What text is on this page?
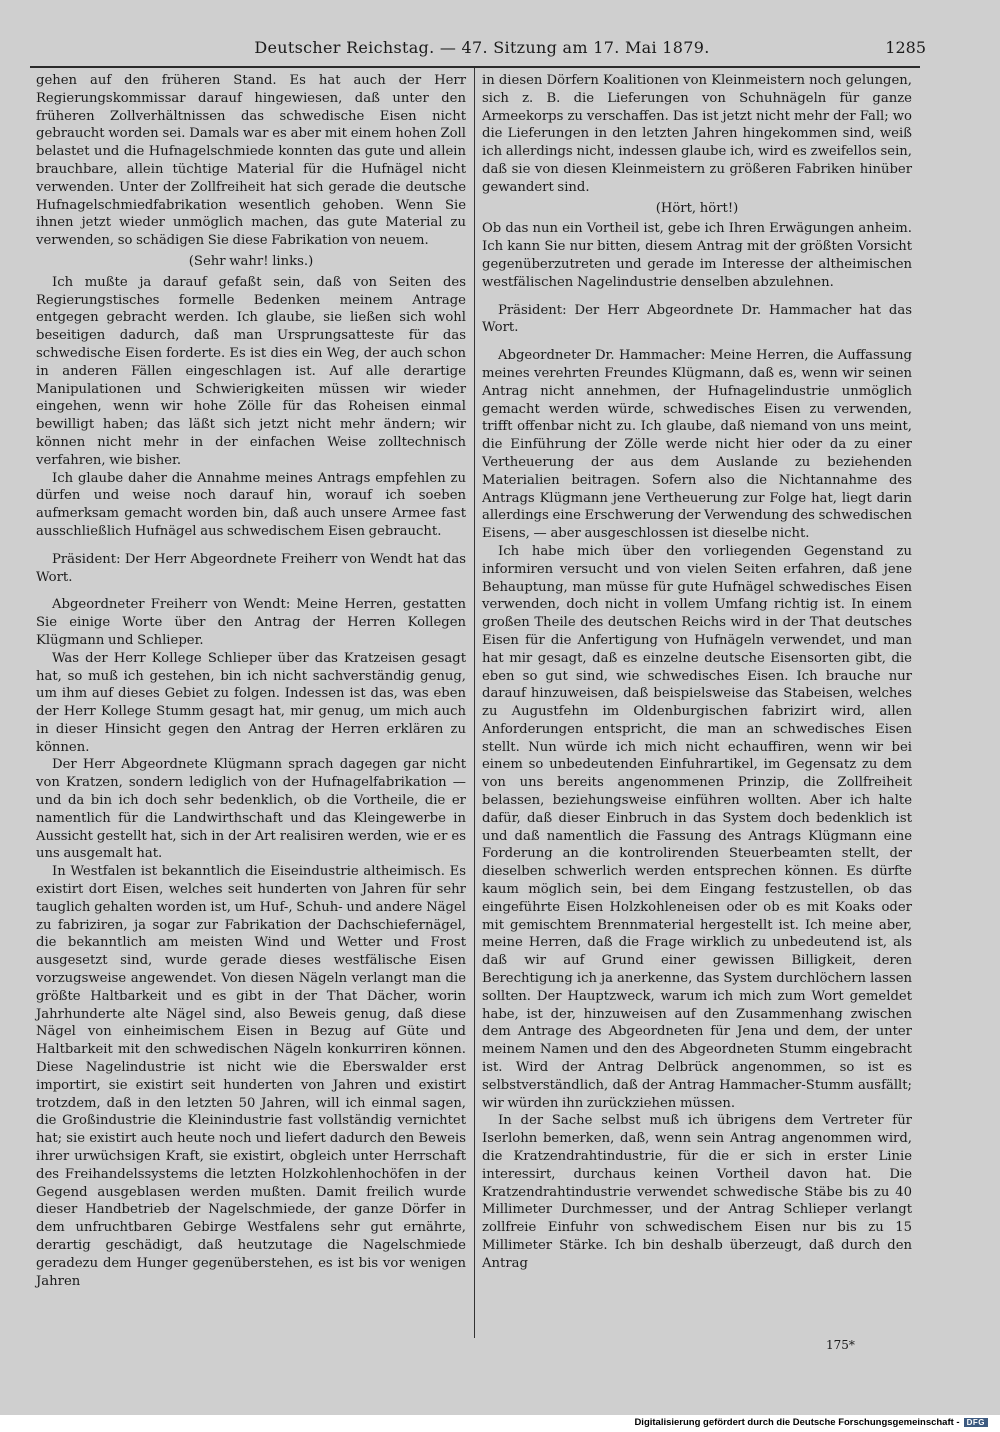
Deutscher Reichstag. — 47. Sitzung am 17. Mai 1879.	1285

gehen auf den früheren Stand. Es hat auch der Herr Regierungskommissar darauf hingewiesen, daß unter den früheren Zollverhältnissen das schwedische Eisen nicht gebraucht worden sei. Damals war es aber mit einem hohen Zoll belastet und die Hufnagelschmiede konnten das gute und allein brauchbare, allein tüchtige Material für die Hufnägel nicht verwenden. Unter der Zollfreiheit hat sich gerade die deutsche Hufnagelschmiedfabrikation wesentlich gehoben. Wenn Sie ihnen jetzt wieder unmöglich machen, das gute Material zu verwenden, so schädigen Sie diese Fabrikation von neuem.

(Sehr wahr! links.)

Ich mußte ja darauf gefaßt sein, daß von Seiten des Regierungstisches formelle Bedenken meinem Antrage entgegen gebracht werden. Ich glaube, sie ließen sich wohl beseitigen dadurch, daß man Ursprungsatteste für das schwedische Eisen forderte. Es ist dies ein Weg, der auch schon in anderen Fällen eingeschlagen ist. Auf alle derartige Manipulationen und Schwierigkeiten müssen wir wieder eingehen, wenn wir hohe Zölle für das Roheisen einmal bewilligt haben; das läßt sich jetzt nicht mehr ändern; wir können nicht mehr in der einfachen Weise zolltechnisch verfahren, wie bisher.

Ich glaube daher die Annahme meines Antrags empfehlen zu dürfen und weise noch darauf hin, worauf ich soeben aufmerksam gemacht worden bin, daß auch unsere Armee fast ausschließlich Hufnägel aus schwedischem Eisen gebraucht.

Präsident: Der Herr Abgeordnete Freiherr von Wendt hat das Wort.

Abgeordneter Freiherr von Wendt: Meine Herren, gestatten Sie einige Worte über den Antrag der Herren Kollegen Klügmann und Schlieper.

Was der Herr Kollege Schlieper über das Kratzeisen gesagt hat, so muß ich gestehen, bin ich nicht sachverständig genug, um ihm auf dieses Gebiet zu folgen. Indessen ist das, was eben der Herr Kollege Stumm gesagt hat, mir genug, um mich auch in dieser Hinsicht gegen den Antrag der Herren erklären zu können.

Der Herr Abgeordnete Klügmann sprach dagegen gar nicht von Kratzen, sondern lediglich von der Hufnagelfabrikation — und da bin ich doch sehr bedenklich, ob die Vortheile, die er namentlich für die Landwirthschaft und das Kleingewerbe in Aussicht gestellt hat, sich in der Art realisiren werden, wie er es uns ausgemalt hat.

In Westfalen ist bekanntlich die Eiseindustrie altheimisch. Es existirt dort Eisen, welches seit hunderten von Jahren für sehr tauglich gehalten worden ist, um Huf-, Schuh- und andere Nägel zu fabriziren, ja sogar zur Fabrikation der Dachschiefernägel, die bekanntlich am meisten Wind und Wetter und Frost ausgesetzt sind, wurde gerade dieses westfälische Eisen vorzugsweise angewendet. Von diesen Nägeln verlangt man die größte Haltbarkeit und es gibt in der That Dächer, worin Jahrhunderte alte Nägel sind, also Beweis genug, daß diese Nägel von einheimischem Eisen in Bezug auf Güte und Haltbarkeit mit den schwedischen Nägeln konkurriren können. Diese Nagelindustrie ist nicht wie die Eberswalder erst importirt, sie existirt seit hunderten von Jahren und existirt trotzdem, daß in den letzten 50 Jahren, will ich einmal sagen, die Großindustrie die Kleinindustrie fast vollständig vernichtet hat; sie existirt auch heute noch und liefert dadurch den Beweis ihrer urwüchsigen Kraft, sie existirt, obgleich unter Herrschaft des Freihandelssystems die letzten Holzkohlenhochöfen in der Gegend ausgeblasen werden mußten. Damit freilich wurde dieser Handbetrieb der Nagelschmiede, der ganze Dörfer in dem unfruchtbaren Gebirge Westfalens sehr gut ernährte, derartig geschädigt, daß heutzutage die Nagelschmiede geradezu dem Hunger gegenüberstehen, es ist bis vor wenigen Jahren

in diesen Dörfern Koalitionen von Kleinmeistern noch gelungen, sich z. B. die Lieferungen von Schuhnägeln für ganze Armeekorps zu verschaffen. Das ist jetzt nicht mehr der Fall; wo die Lieferungen in den letzten Jahren hingekommen sind, weiß ich allerdings nicht, indessen glaube ich, wird es zweifellos sein, daß sie von diesen Kleinmeistern zu größeren Fabriken hinüber gewandert sind.

(Hört, hört!)

Ob das nun ein Vortheil ist, gebe ich Ihren Erwägungen anheim. Ich kann Sie nur bitten, diesem Antrag mit der größten Vorsicht gegenüberzutreten und gerade im Interesse der altheimischen westfälischen Nagelindustrie denselben abzulehnen.

Präsident: Der Herr Abgeordnete Dr. Hammacher hat das Wort.

Abgeordneter Dr. Hammacher: Meine Herren, die Auffassung meines verehrten Freundes Klügmann, daß es, wenn wir seinen Antrag nicht annehmen, der Hufnagelindustrie unmöglich gemacht werden würde, schwedisches Eisen zu verwenden, trifft offenbar nicht zu. Ich glaube, daß niemand von uns meint, die Einführung der Zölle werde nicht hier oder da zu einer Vertheuerung der aus dem Auslande zu beziehenden Materialien beitragen. Sofern also die Nichtannahme des Antrags Klügmann jene Vertheuerung zur Folge hat, liegt darin allerdings eine Erschwerung der Verwendung des schwedischen Eisens, — aber ausgeschlossen ist dieselbe nicht.

Ich habe mich über den vorliegenden Gegenstand zu informiren versucht und von vielen Seiten erfahren, daß jene Behauptung, man müsse für gute Hufnägel schwedisches Eisen verwenden, doch nicht in vollem Umfang richtig ist. In einem großen Theile des deutschen Reichs wird in der That deutsches Eisen für die Anfertigung von Hufnägeln verwendet, und man hat mir gesagt, daß es einzelne deutsche Eisensorten gibt, die eben so gut sind, wie schwedisches Eisen. Ich brauche nur darauf hinzuweisen, daß beispielsweise das Stabeisen, welches zu Augustfehn im Oldenburgischen fabrizirt wird, allen Anforderungen entspricht, die man an schwedisches Eisen stellt. Nun würde ich mich nicht echauffiren, wenn wir bei einem so unbedeutenden Einfuhrartikel, im Gegensatz zu dem von uns bereits angenommenen Prinzip, die Zollfreiheit belassen, beziehungsweise einführen wollten. Aber ich halte dafür, daß dieser Einbruch in das System doch bedenklich ist und daß namentlich die Fassung des Antrags Klügmann eine Forderung an die kontrolirenden Steuerbeamten stellt, der dieselben schwerlich werden entsprechen können. Es dürfte kaum möglich sein, bei dem Eingang festzustellen, ob das eingeführte Eisen Holzkohleneisen oder ob es mit Koaks oder mit gemischtem Brennmaterial hergestellt ist. Ich meine aber, meine Herren, daß die Frage wirklich zu unbedeutend ist, als daß wir auf Grund einer gewissen Billigkeit, deren Berechtigung ich ja anerkenne, das System durchlöchern lassen sollten. Der Hauptzweck, warum ich mich zum Wort gemeldet habe, ist der, hinzuweisen auf den Zusammenhang zwischen dem Antrage des Abgeordneten für Jena und dem, der unter meinem Namen und den des Abgeordneten Stumm eingebracht ist. Wird der Antrag Delbrück angenommen, so ist es selbstverständlich, daß der Antrag Hammacher-Stumm ausfällt; wir würden ihn zurückziehen müssen.

In der Sache selbst muß ich übrigens dem Vertreter für Iserlohn bemerken, daß, wenn sein Antrag angenommen wird, die Kratzendrahtindustrie, für die er sich in erster Linie interessirt, durchaus keinen Vortheil davon hat. Die Kratzendrahtindustrie verwendet schwedische Stäbe bis zu 40 Millimeter Durchmesser, und der Antrag Schlieper verlangt zollfreie Einfuhr von schwedischem Eisen nur bis zu 15 Millimeter Stärke. Ich bin deshalb überzeugt, daß durch den Antrag

175*
Digitalisierung gefördert durch die Deutsche Forschungsgemeinschaft - DFG
